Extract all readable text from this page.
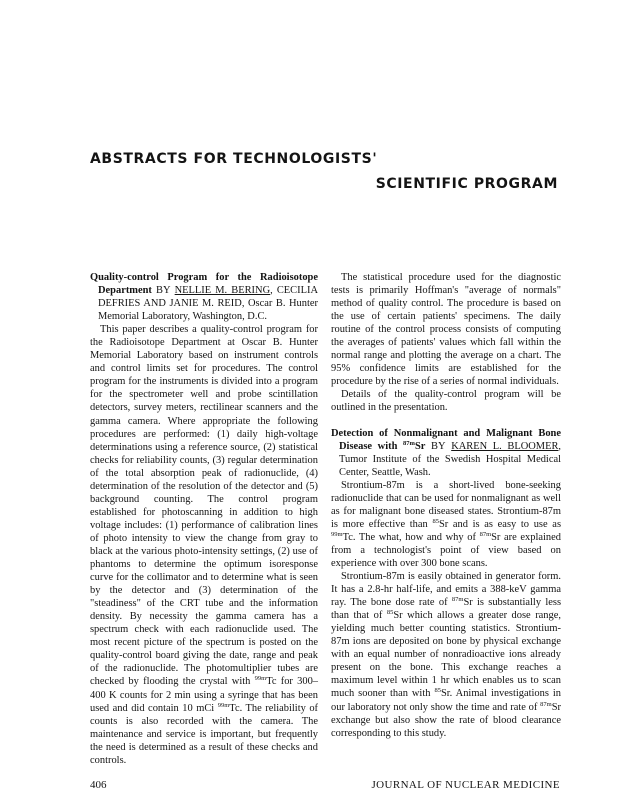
ABSTRACTS FOR TECHNOLOGISTS'
SCIENTIFIC PROGRAM

Quality-control Program for the Radioisotope Department BY NELLIE M. BERING, CECILIA DEFRIES AND JANIE M. REID, Oscar B. Hunter Memorial Laboratory, Washington, D.C.

This paper describes a quality-control program for the Radioisotope Department at Oscar B. Hunter Memorial Laboratory based on instrument controls and control limits set for procedures. The control program for the instruments is divided into a program for the spectrometer well and probe scintillation detectors, survey meters, rectilinear scanners and the gamma camera. Where appropriate the following procedures are performed: (1) daily high-voltage determinations using a reference source, (2) statistical checks for reliability counts, (3) regular determination of the total absorption peak of radionuclide, (4) determination of the resolution of the detector and (5) background counting. The control program established for photoscanning in addition to high voltage includes: (1) performance of calibration lines of photo intensity to view the change from gray to black at the various photo-intensity settings, (2) use of phantoms to determine the optimum isoresponse curve for the collimator and to determine what is seen by the detector and (3) determination of the "steadiness" of the CRT tube and the information density. By necessity the gamma camera has a spectrum check with each radionuclide used. The most recent picture of the spectrum is posted on the quality-control board giving the date, range and peak of the radionuclide. The photomultiplier tubes are checked by flooding the crystal with $^{99m}$Tc for 300–400 K counts for 2 min using a syringe that has been used and did contain 10 mCi $^{99m}$Tc. The reliability of counts is also recorded with the camera. The maintenance and service is important, but frequently the need is determined as a result of these checks and controls.

The statistical procedure used for the diagnostic tests is primarily Hoffman's "average of normals" method of quality control. The procedure is based on the use of certain patients' specimens. The daily routine of the control process consists of computing the averages of patients' values which fall within the normal range and plotting the average on a chart. The 95% confidence limits are established for the procedure by the rise of a series of normal individuals.

Details of the quality-control program will be outlined in the presentation.

Detection of Nonmalignant and Malignant Bone Disease with $^{87m}$Sr BY KAREN L. BLOOMER, Tumor Institute of the Swedish Hospital Medical Center, Seattle, Wash.

Strontium-87m is a short-lived bone-seeking radionuclide that can be used for nonmalignant as well as for malignant bone diseased states. Strontium-87m is more effective than $^{85}$Sr and is as easy to use as $^{99m}$Tc. The what, how and why of $^{87m}$Sr are explained from a technologist's point of view based on experience with over 300 bone scans.

Strontium-87m is easily obtained in generator form. It has a 2.8-hr half-life, and emits a 388-keV gamma ray. The bone dose rate of $^{87m}$Sr is substantially less than that of $^{85}$Sr which allows a greater dose range, yielding much better counting statistics. Strontium-87m ions are deposited on bone by physical exchange with an equal number of nonradioactive ions already present on the bone. This exchange reaches a maximum level within 1 hr which enables us to scan much sooner than with $^{85}$Sr. Animal investigations in our laboratory not only show the time and rate of $^{87m}$Sr exchange but also show the rate of blood clearance corresponding to this study.

406	JOURNAL OF NUCLEAR MEDICINE
